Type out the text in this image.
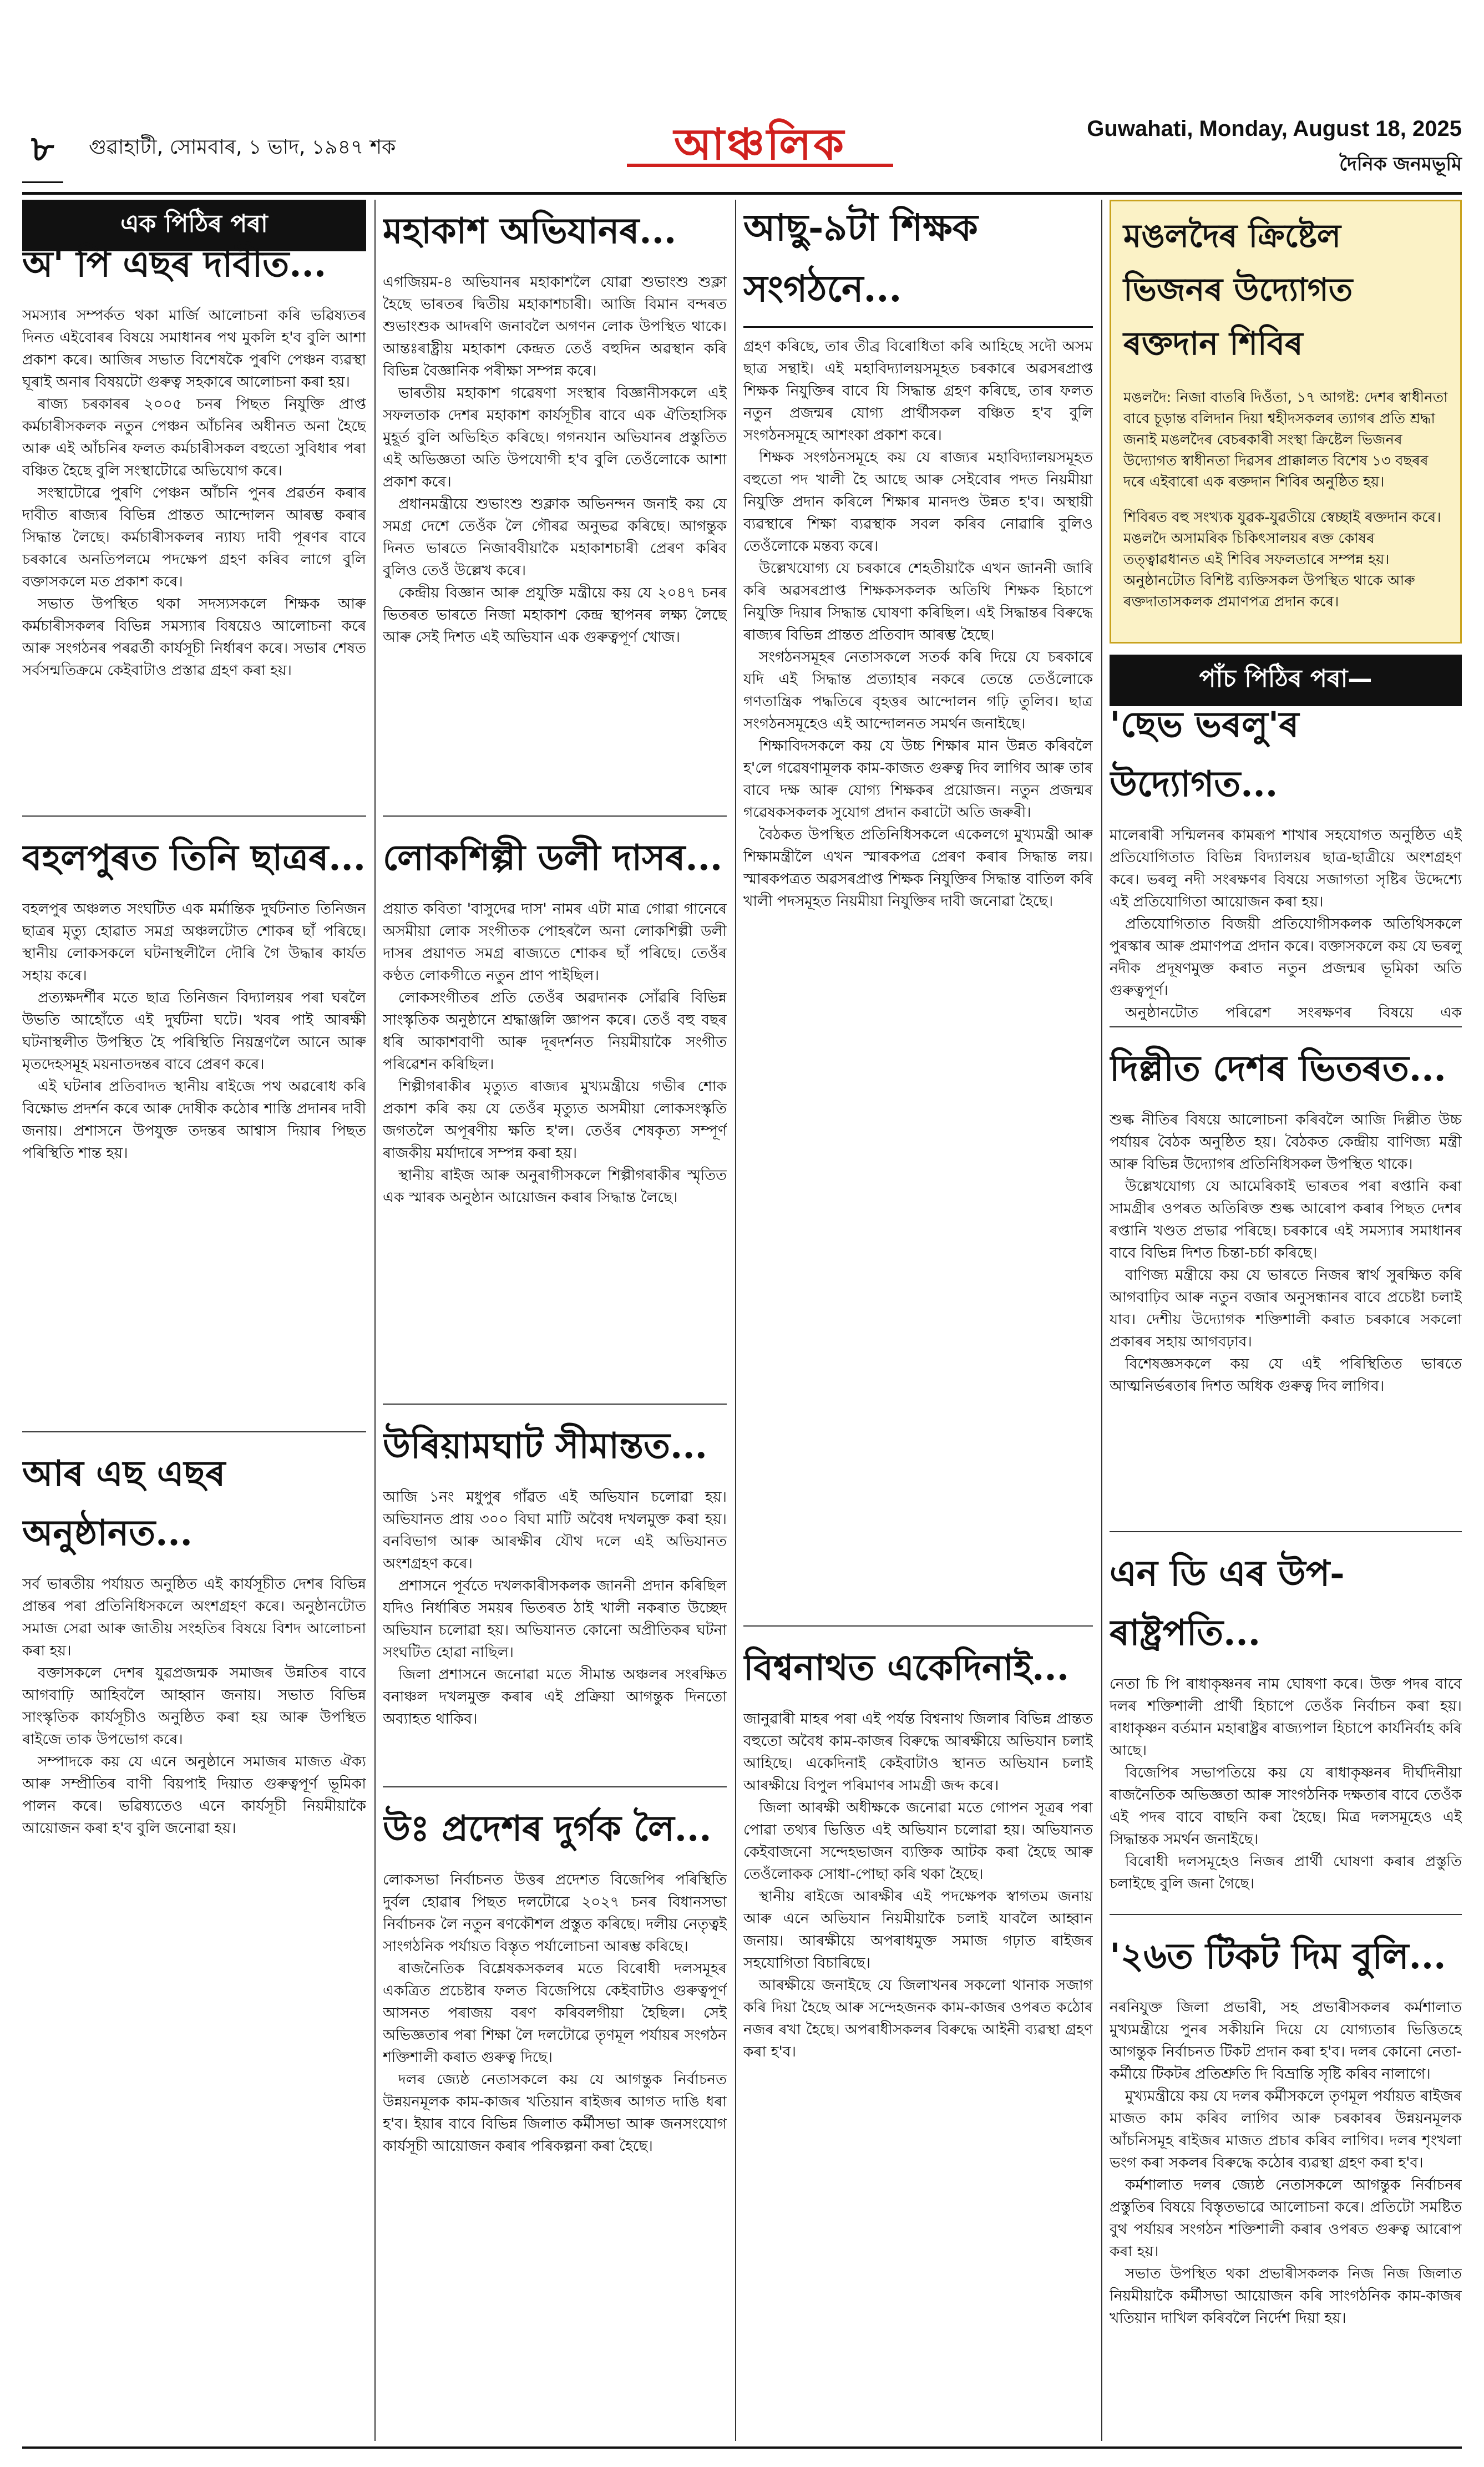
৮	গুৱাহাটী, সোমবাৰ, ১ ভাদ, ১৯৪৭ শক	আঞ্চলিক	Guwahati, Monday, August 18, 2025
দৈনিক জনমভূমি
এক পিঠিৰ পৰা
অ' পি এছৰ দাবীত...

সমস্যাৰ সম্পৰ্কত থকা মাৰ্জি আলোচনা কৰি ভৱিষ্যতৰ দিনত এইবোৰৰ বিষয়ে সমাধানৰ পথ মুকলি হ'ব বুলি আশা প্ৰকাশ কৰে। আজিৰ সভাত বিশেষকৈ পুৰণি পেঞ্চন ব্যৱস্থা ঘূৰাই অনাৰ বিষয়টো গুৰুত্ব সহকাৰে আলোচনা কৰা হয়।

ৰাজ্য চৰকাৰৰ ২০০৫ চনৰ পিছত নিযুক্তি প্ৰাপ্ত কৰ্মচাৰীসকলক নতুন পেঞ্চন আঁচনিৰ অধীনত অনা হৈছে আৰু এই আঁচনিৰ ফলত কৰ্মচাৰীসকল বহুতো সুবিধাৰ পৰা বঞ্চিত হৈছে বুলি সংস্থাটোৱে অভিযোগ কৰে।

সংস্থাটোৱে পুৰণি পেঞ্চন আঁচনি পুনৰ প্ৰৱৰ্তন কৰাৰ দাবীত ৰাজ্যৰ বিভিন্ন প্ৰান্তত আন্দোলন আৰম্ভ কৰাৰ সিদ্ধান্ত লৈছে। কৰ্মচাৰীসকলৰ ন্যায্য দাবী পূৰণৰ বাবে চৰকাৰে অনতিপলমে পদক্ষেপ গ্ৰহণ কৰিব লাগে বুলি বক্তাসকলে মত প্ৰকাশ কৰে।

সভাত উপস্থিত থকা সদস্যসকলে শিক্ষক আৰু কৰ্মচাৰীসকলৰ বিভিন্ন সমস্যাৰ বিষয়েও আলোচনা কৰে আৰু সংগঠনৰ পৰৱৰ্তী কাৰ্যসূচী নিৰ্ধাৰণ কৰে। সভাৰ শেষত সৰ্বসন্মতিক্ৰমে কেইবাটাও প্ৰস্তাৱ গ্ৰহণ কৰা হয়।

বহলপুৰত তিনি ছাত্ৰৰ...

বহলপুৰ অঞ্চলত সংঘটিত এক মৰ্মান্তিক দুৰ্ঘটনাত তিনিজন ছাত্ৰৰ মৃত্যু হোৱাত সমগ্ৰ অঞ্চলটোত শোকৰ ছাঁ পৰিছে। স্থানীয় লোকসকলে ঘটনাস্থলীলৈ দৌৰি গৈ উদ্ধাৰ কাৰ্যত সহায় কৰে।

প্ৰত্যক্ষদৰ্শীৰ মতে ছাত্ৰ তিনিজন বিদ্যালয়ৰ পৰা ঘৰলৈ উভতি আহোঁতে এই দুৰ্ঘটনা ঘটে। খবৰ পাই আৰক্ষী ঘটনাস্থলীত উপস্থিত হৈ পৰিস্থিতি নিয়ন্ত্ৰণলৈ আনে আৰু মৃতদেহসমূহ ময়নাতদন্তৰ বাবে প্ৰেৰণ কৰে।

এই ঘটনাৰ প্ৰতিবাদত স্থানীয় ৰাইজে পথ অৱৰোধ কৰি বিক্ষোভ প্ৰদৰ্শন কৰে আৰু দোষীক কঠোৰ শাস্তি প্ৰদানৰ দাবী জনায়। প্ৰশাসনে উপযুক্ত তদন্তৰ আশ্বাস দিয়াৰ পিছত পৰিস্থিতি শান্ত হয়।

আৰ এছ এছৰ অনুষ্ঠানত...

সৰ্ব ভাৰতীয় পৰ্যায়ত অনুষ্ঠিত এই কাৰ্যসূচীত দেশৰ বিভিন্ন প্ৰান্তৰ পৰা প্ৰতিনিধিসকলে অংশগ্ৰহণ কৰে। অনুষ্ঠানটোত সমাজ সেৱা আৰু জাতীয় সংহতিৰ বিষয়ে বিশদ আলোচনা কৰা হয়।

বক্তাসকলে দেশৰ যুৱপ্ৰজন্মক সমাজৰ উন্নতিৰ বাবে আগবাঢ়ি আহিবলৈ আহ্বান জনায়। সভাত বিভিন্ন সাংস্কৃতিক কাৰ্যসূচীও অনুষ্ঠিত কৰা হয় আৰু উপস্থিত ৰাইজে তাক উপভোগ কৰে।

সম্পাদকে কয় যে এনে অনুষ্ঠানে সমাজৰ মাজত ঐক্য আৰু সম্প্ৰীতিৰ বাণী বিয়পাই দিয়াত গুৰুত্বপূৰ্ণ ভূমিকা পালন কৰে। ভৱিষ্যতেও এনে কাৰ্যসূচী নিয়মীয়াকৈ আয়োজন কৰা হ'ব বুলি জনোৱা হয়।

মহাকাশ অভিযানৰ...

এগজিয়ম-৪ অভিযানৰ মহাকাশলৈ যোৱা শুভাংশু শুক্লা হৈছে ভাৰতৰ দ্বিতীয় মহাকাশচাৰী। আজি বিমান বন্দৰত শুভাংশুক আদৰণি জনাবলৈ অগণন লোক উপস্থিত থাকে। আন্তঃৰাষ্ট্ৰীয় মহাকাশ কেন্দ্ৰত তেওঁ বহুদিন অৱস্থান কৰি বিভিন্ন বৈজ্ঞানিক পৰীক্ষা সম্পন্ন কৰে।

ভাৰতীয় মহাকাশ গৱেষণা সংস্থাৰ বিজ্ঞানীসকলে এই সফলতাক দেশৰ মহাকাশ কাৰ্যসূচীৰ বাবে এক ঐতিহাসিক মুহূৰ্ত বুলি অভিহিত কৰিছে। গগনযান অভিযানৰ প্ৰস্তুতিত এই অভিজ্ঞতা অতি উপযোগী হ'ব বুলি তেওঁলোকে আশা প্ৰকাশ কৰে।

প্ৰধানমন্ত্ৰীয়ে শুভাংশু শুক্লাক অভিনন্দন জনাই কয় যে সমগ্ৰ দেশে তেওঁক লৈ গৌৰৱ অনুভৱ কৰিছে। আগন্তুক দিনত ভাৰতে নিজাববীয়াকৈ মহাকাশচাৰী প্ৰেৰণ কৰিব বুলিও তেওঁ উল্লেখ কৰে।

কেন্দ্ৰীয় বিজ্ঞান আৰু প্ৰযুক্তি মন্ত্ৰীয়ে কয় যে ২০৪৭ চনৰ ভিতৰত ভাৰতে নিজা মহাকাশ কেন্দ্ৰ স্থাপনৰ লক্ষ্য লৈছে আৰু সেই দিশত এই অভিযান এক গুৰুত্বপূৰ্ণ খোজ।

লোকশিল্পী ডলী দাসৰ...

প্ৰয়াত কবিতা 'বাসুদেৱ দাস' নামৰ এটা মাত্ৰ গোৱা গানেৰে অসমীয়া লোক সংগীতক পোহৰলৈ অনা লোকশিল্পী ডলী দাসৰ প্ৰয়াণত সমগ্ৰ ৰাজ্যতে শোকৰ ছাঁ পৰিছে। তেওঁৰ কণ্ঠত লোকগীতে নতুন প্ৰাণ পাইছিল।

লোকসংগীতৰ প্ৰতি তেওঁৰ অৱদানক সোঁৱৰি বিভিন্ন সাংস্কৃতিক অনুষ্ঠানে শ্ৰদ্ধাঞ্জলি জ্ঞাপন কৰে। তেওঁ বহু বছৰ ধৰি আকাশবাণী আৰু দূৰদৰ্শনত নিয়মীয়াকৈ সংগীত পৰিৱেশন কৰিছিল।

শিল্পীগৰাকীৰ মৃত্যুত ৰাজ্যৰ মুখ্যমন্ত্ৰীয়ে গভীৰ শোক প্ৰকাশ কৰি কয় যে তেওঁৰ মৃত্যুত অসমীয়া লোকসংস্কৃতি জগতলৈ অপূৰণীয় ক্ষতি হ'ল। তেওঁৰ শেষকৃত্য সম্পূৰ্ণ ৰাজকীয় মৰ্যাদাৰে সম্পন্ন কৰা হয়।

স্থানীয় ৰাইজ আৰু অনুৰাগীসকলে শিল্পীগৰাকীৰ স্মৃতিত এক স্মাৰক অনুষ্ঠান আয়োজন কৰাৰ সিদ্ধান্ত লৈছে।

উৰিয়ামঘাট সীমান্তত...

আজি ১নং মধুপুৰ গাঁৱত এই অভিযান চলোৱা হয়। অভিযানত প্ৰায় ৩০০ বিঘা মাটি অবৈধ দখলমুক্ত কৰা হয়। বনবিভাগ আৰু আৰক্ষীৰ যৌথ দলে এই অভিযানত অংশগ্ৰহণ কৰে।

প্ৰশাসনে পূৰ্বতে দখলকাৰীসকলক জাননী প্ৰদান কৰিছিল যদিও নিৰ্ধাৰিত সময়ৰ ভিতৰত ঠাই খালী নকৰাত উচ্ছেদ অভিযান চলোৱা হয়। অভিযানত কোনো অপ্ৰীতিকৰ ঘটনা সংঘটিত হোৱা নাছিল।

জিলা প্ৰশাসনে জনোৱা মতে সীমান্ত অঞ্চলৰ সংৰক্ষিত বনাঞ্চল দখলমুক্ত কৰাৰ এই প্ৰক্ৰিয়া আগন্তুক দিনতো অব্যাহত থাকিব।

উঃ প্ৰদেশৰ দুৰ্গক লৈ...

লোকসভা নিৰ্বাচনত উত্তৰ প্ৰদেশত বিজেপিৰ পৰিস্থিতি দুৰ্বল হোৱাৰ পিছত দলটোৱে ২০২৭ চনৰ বিধানসভা নিৰ্বাচনক লৈ নতুন ৰণকৌশল প্ৰস্তুত কৰিছে। দলীয় নেতৃত্বই সাংগঠনিক পৰ্যায়ত বিস্তৃত পৰ্যালোচনা আৰম্ভ কৰিছে।

ৰাজনৈতিক বিশ্লেষকসকলৰ মতে বিৰোধী দলসমূহৰ একত্ৰিত প্ৰচেষ্টাৰ ফলত বিজেপিয়ে কেইবাটাও গুৰুত্বপূৰ্ণ আসনত পৰাজয় বৰণ কৰিবলগীয়া হৈছিল। সেই অভিজ্ঞতাৰ পৰা শিক্ষা লৈ দলটোৱে তৃণমূল পৰ্যায়ৰ সংগঠন শক্তিশালী কৰাত গুৰুত্ব দিছে।

দলৰ জ্যেষ্ঠ নেতাসকলে কয় যে আগন্তুক নিৰ্বাচনত উন্নয়নমূলক কাম-কাজৰ খতিয়ান ৰাইজৰ আগত দাঙি ধৰা হ'ব। ইয়াৰ বাবে বিভিন্ন জিলাত কৰ্মীসভা আৰু জনসংযোগ কাৰ্যসূচী আয়োজন কৰাৰ পৰিকল্পনা কৰা হৈছে।

আছু-৯টা শিক্ষক সংগঠনে...

গ্ৰহণ কৰিছে, তাৰ তীব্ৰ বিৰোধিতা কৰি আহিছে সদৌ অসম ছাত্ৰ সন্থাই। এই মহাবিদ্যালয়সমূহত চৰকাৰে অৱসৰপ্ৰাপ্ত শিক্ষক নিযুক্তিৰ বাবে যি সিদ্ধান্ত গ্ৰহণ কৰিছে, তাৰ ফলত নতুন প্ৰজন্মৰ যোগ্য প্ৰাৰ্থীসকল বঞ্চিত হ'ব বুলি সংগঠনসমূহে আশংকা প্ৰকাশ কৰে।

শিক্ষক সংগঠনসমূহে কয় যে ৰাজ্যৰ মহাবিদ্যালয়সমূহত বহুতো পদ খালী হৈ আছে আৰু সেইবোৰ পদত নিয়মীয়া নিযুক্তি প্ৰদান কৰিলে শিক্ষাৰ মানদণ্ড উন্নত হ'ব। অস্থায়ী ব্যৱস্থাৰে শিক্ষা ব্যৱস্থাক সবল কৰিব নোৱাৰি বুলিও তেওঁলোকে মন্তব্য কৰে।

উল্লেখযোগ্য যে চৰকাৰে শেহতীয়াকৈ এখন জাননী জাৰি কৰি অৱসৰপ্ৰাপ্ত শিক্ষকসকলক অতিথি শিক্ষক হিচাপে নিযুক্তি দিয়াৰ সিদ্ধান্ত ঘোষণা কৰিছিল। এই সিদ্ধান্তৰ বিৰুদ্ধে ৰাজ্যৰ বিভিন্ন প্ৰান্তত প্ৰতিবাদ আৰম্ভ হৈছে।

সংগঠনসমূহৰ নেতাসকলে সতৰ্ক কৰি দিয়ে যে চৰকাৰে যদি এই সিদ্ধান্ত প্ৰত্যাহাৰ নকৰে তেন্তে তেওঁলোকে গণতান্ত্ৰিক পদ্ধতিৰে বৃহত্তৰ আন্দোলন গঢ়ি তুলিব। ছাত্ৰ সংগঠনসমূহেও এই আন্দোলনত সমৰ্থন জনাইছে।

শিক্ষাবিদসকলে কয় যে উচ্চ শিক্ষাৰ মান উন্নত কৰিবলৈ হ'লে গৱেষণামূলক কাম-কাজত গুৰুত্ব দিব লাগিব আৰু তাৰ বাবে দক্ষ আৰু যোগ্য শিক্ষকৰ প্ৰয়োজন। নতুন প্ৰজন্মৰ গৱেষকসকলক সুযোগ প্ৰদান কৰাটো অতি জৰুৰী।

বৈঠকত উপস্থিত প্ৰতিনিধিসকলে একেলগে মুখ্যমন্ত্ৰী আৰু শিক্ষামন্ত্ৰীলৈ এখন স্মাৰকপত্ৰ প্ৰেৰণ কৰাৰ সিদ্ধান্ত লয়। স্মাৰকপত্ৰত অৱসৰপ্ৰাপ্ত শিক্ষক নিযুক্তিৰ সিদ্ধান্ত বাতিল কৰি খালী পদসমূহত নিয়মীয়া নিযুক্তিৰ দাবী জনোৱা হৈছে।

বিশ্বনাথত একেদিনাই...

জানুৱাৰী মাহৰ পৰা এই পৰ্যন্ত বিশ্বনাথ জিলাৰ বিভিন্ন প্ৰান্তত বহুতো অবৈধ কাম-কাজৰ বিৰুদ্ধে আৰক্ষীয়ে অভিযান চলাই আহিছে। একেদিনাই কেইবাটাও স্থানত অভিযান চলাই আৰক্ষীয়ে বিপুল পৰিমাণৰ সামগ্ৰী জব্দ কৰে।

জিলা আৰক্ষী অধীক্ষকে জনোৱা মতে গোপন সূত্ৰৰ পৰা পোৱা তথ্যৰ ভিত্তিত এই অভিযান চলোৱা হয়। অভিযানত কেইবাজনো সন্দেহভাজন ব্যক্তিক আটক কৰা হৈছে আৰু তেওঁলোকক সোধা-পোছা কৰি থকা হৈছে।

স্থানীয় ৰাইজে আৰক্ষীৰ এই পদক্ষেপক স্বাগতম জনায় আৰু এনে অভিযান নিয়মীয়াকৈ চলাই যাবলৈ আহ্বান জনায়। আৰক্ষীয়ে অপৰাধমুক্ত সমাজ গঢ়াত ৰাইজৰ সহযোগিতা বিচাৰিছে।

আৰক্ষীয়ে জনাইছে যে জিলাখনৰ সকলো থানাক সজাগ কৰি দিয়া হৈছে আৰু সন্দেহজনক কাম-কাজৰ ওপৰত কঠোৰ নজৰ ৰখা হৈছে। অপৰাধীসকলৰ বিৰুদ্ধে আইনী ব্যৱস্থা গ্ৰহণ কৰা হ'ব।

মঙলদৈৰ ক্ৰিষ্টেল ভিজনৰ উদ্যোগত ৰক্তদান শিবিৰ

মঙলদৈ: নিজা বাতৰি দিওঁতা, ১৭ আগষ্ট: দেশৰ স্বাধীনতা বাবে চূড়ান্ত বলিদান দিয়া শ্বহীদসকলৰ ত্যাগৰ প্ৰতি শ্ৰদ্ধা জনাই মঙলদৈৰ বেচৰকাৰী সংস্থা ক্ৰিষ্টেল ভিজনৰ উদ্যোগত স্বাধীনতা দিৱসৰ প্ৰাক্কালত বিশেষ ১৩ বছৰৰ দৰে এইবাৰো এক ৰক্তদান শিবিৰ অনুষ্ঠিত হয়।

শিবিৰত বহু সংখ্যক যুৱক-যুৱতীয়ে স্বেচ্ছাই ৰক্তদান কৰে। মঙলদৈ অসামৰিক চিকিৎসালয়ৰ ৰক্ত কোষৰ তত্ত্বাৱধানত এই শিবিৰ সফলতাৰে সম্পন্ন হয়। অনুষ্ঠানটোত বিশিষ্ট ব্যক্তিসকল উপস্থিত থাকে আৰু ৰক্তদাতাসকলক প্ৰমাণপত্ৰ প্ৰদান কৰে।

পাঁচ পিঠিৰ পৰা—
'ছেভ ভৰলু'ৰ উদ্যোগত...

মালেৰাৰী সন্মিলনৰ কামৰূপ শাখাৰ সহযোগত অনুষ্ঠিত এই প্ৰতিযোগিতাত বিভিন্ন বিদ্যালয়ৰ ছাত্ৰ-ছাত্ৰীয়ে অংশগ্ৰহণ কৰে। ভৰলু নদী সংৰক্ষণৰ বিষয়ে সজাগতা সৃষ্টিৰ উদ্দেশ্যে এই প্ৰতিযোগিতা আয়োজন কৰা হয়।

প্ৰতিযোগিতাত বিজয়ী প্ৰতিযোগীসকলক অতিথিসকলে পুৰস্কাৰ আৰু প্ৰমাণপত্ৰ প্ৰদান কৰে। বক্তাসকলে কয় যে ভৰলু নদীক প্ৰদূষণমুক্ত কৰাত নতুন প্ৰজন্মৰ ভূমিকা অতি গুৰুত্বপূৰ্ণ।

অনুষ্ঠানটোত পৰিৱেশ সংৰক্ষণৰ বিষয়ে এক

দিল্লীত দেশৰ ভিতৰত...

শুল্ক নীতিৰ বিষয়ে আলোচনা কৰিবলৈ আজি দিল্লীত উচ্চ পৰ্যায়ৰ বৈঠক অনুষ্ঠিত হয়। বৈঠকত কেন্দ্ৰীয় বাণিজ্য মন্ত্ৰী আৰু বিভিন্ন উদ্যোগৰ প্ৰতিনিধিসকল উপস্থিত থাকে।

উল্লেখযোগ্য যে আমেৰিকাই ভাৰতৰ পৰা ৰপ্তানি কৰা সামগ্ৰীৰ ওপৰত অতিৰিক্ত শুল্ক আৰোপ কৰাৰ পিছত দেশৰ ৰপ্তানি খণ্ডত প্ৰভাৱ পৰিছে। চৰকাৰে এই সমস্যাৰ সমাধানৰ বাবে বিভিন্ন দিশত চিন্তা-চৰ্চা কৰিছে।

বাণিজ্য মন্ত্ৰীয়ে কয় যে ভাৰতে নিজৰ স্বাৰ্থ সুৰক্ষিত কৰি আগবাঢ়িব আৰু নতুন বজাৰ অনুসন্ধানৰ বাবে প্ৰচেষ্টা চলাই যাব। দেশীয় উদ্যোগক শক্তিশালী কৰাত চৰকাৰে সকলো প্ৰকাৰৰ সহায় আগবঢ়াব।

বিশেষজ্ঞসকলে কয় যে এই পৰিস্থিতিত ভাৰতে আত্মনিৰ্ভৰতাৰ দিশত অধিক গুৰুত্ব দিব লাগিব।

এন ডি এৰ উপ-ৰাষ্ট্ৰপতি...

নেতা চি পি ৰাধাকৃষ্ণনৰ নাম ঘোষণা কৰে। উক্ত পদৰ বাবে দলৰ শক্তিশালী প্ৰাৰ্থী হিচাপে তেওঁক নিৰ্বাচন কৰা হয়। ৰাধাকৃষ্ণন বৰ্তমান মহাৰাষ্ট্ৰৰ ৰাজ্যপাল হিচাপে কাৰ্যনিৰ্বাহ কৰি আছে।

বিজেপিৰ সভাপতিয়ে কয় যে ৰাধাকৃষ্ণনৰ দীৰ্ঘদিনীয়া ৰাজনৈতিক অভিজ্ঞতা আৰু সাংগঠনিক দক্ষতাৰ বাবে তেওঁক এই পদৰ বাবে বাছনি কৰা হৈছে। মিত্ৰ দলসমূহেও এই সিদ্ধান্তক সমৰ্থন জনাইছে।

বিৰোধী দলসমূহেও নিজৰ প্ৰাৰ্থী ঘোষণা কৰাৰ প্ৰস্তুতি চলাইছে বুলি জনা গৈছে।

'২৬ত টিকট দিম বুলি...

নৰনিযুক্ত জিলা প্ৰভাৰী, সহ প্ৰভাৰীসকলৰ কৰ্মশালাত মুখ্যমন্ত্ৰীয়ে পুনৰ সকীয়নি দিয়ে যে যোগ্যতাৰ ভিত্তিতহে আগন্তুক নিৰ্বাচনত টিকট প্ৰদান কৰা হ'ব। দলৰ কোনো নেতা-কৰ্মীয়ে টিকটৰ প্ৰতিশ্ৰুতি দি বিভ্ৰান্তি সৃষ্টি কৰিব নালাগে।

মুখ্যমন্ত্ৰীয়ে কয় যে দলৰ কৰ্মীসকলে তৃণমূল পৰ্যায়ত ৰাইজৰ মাজত কাম কৰিব লাগিব আৰু চৰকাৰৰ উন্নয়নমূলক আঁচনিসমূহ ৰাইজৰ মাজত প্ৰচাৰ কৰিব লাগিব। দলৰ শৃংখলা ভংগ কৰা সকলৰ বিৰুদ্ধে কঠোৰ ব্যৱস্থা গ্ৰহণ কৰা হ'ব।

কৰ্মশালাত দলৰ জ্যেষ্ঠ নেতাসকলে আগন্তুক নিৰ্বাচনৰ প্ৰস্তুতিৰ বিষয়ে বিস্তৃতভাৱে আলোচনা কৰে। প্ৰতিটো সমষ্টিত বুথ পৰ্যায়ৰ সংগঠন শক্তিশালী কৰাৰ ওপৰত গুৰুত্ব আৰোপ কৰা হয়।

সভাত উপস্থিত থকা প্ৰভাৰীসকলক নিজ নিজ জিলাত নিয়মীয়াকৈ কৰ্মীসভা আয়োজন কৰি সাংগঠনিক কাম-কাজৰ খতিয়ান দাখিল কৰিবলৈ নিৰ্দেশ দিয়া হয়।
